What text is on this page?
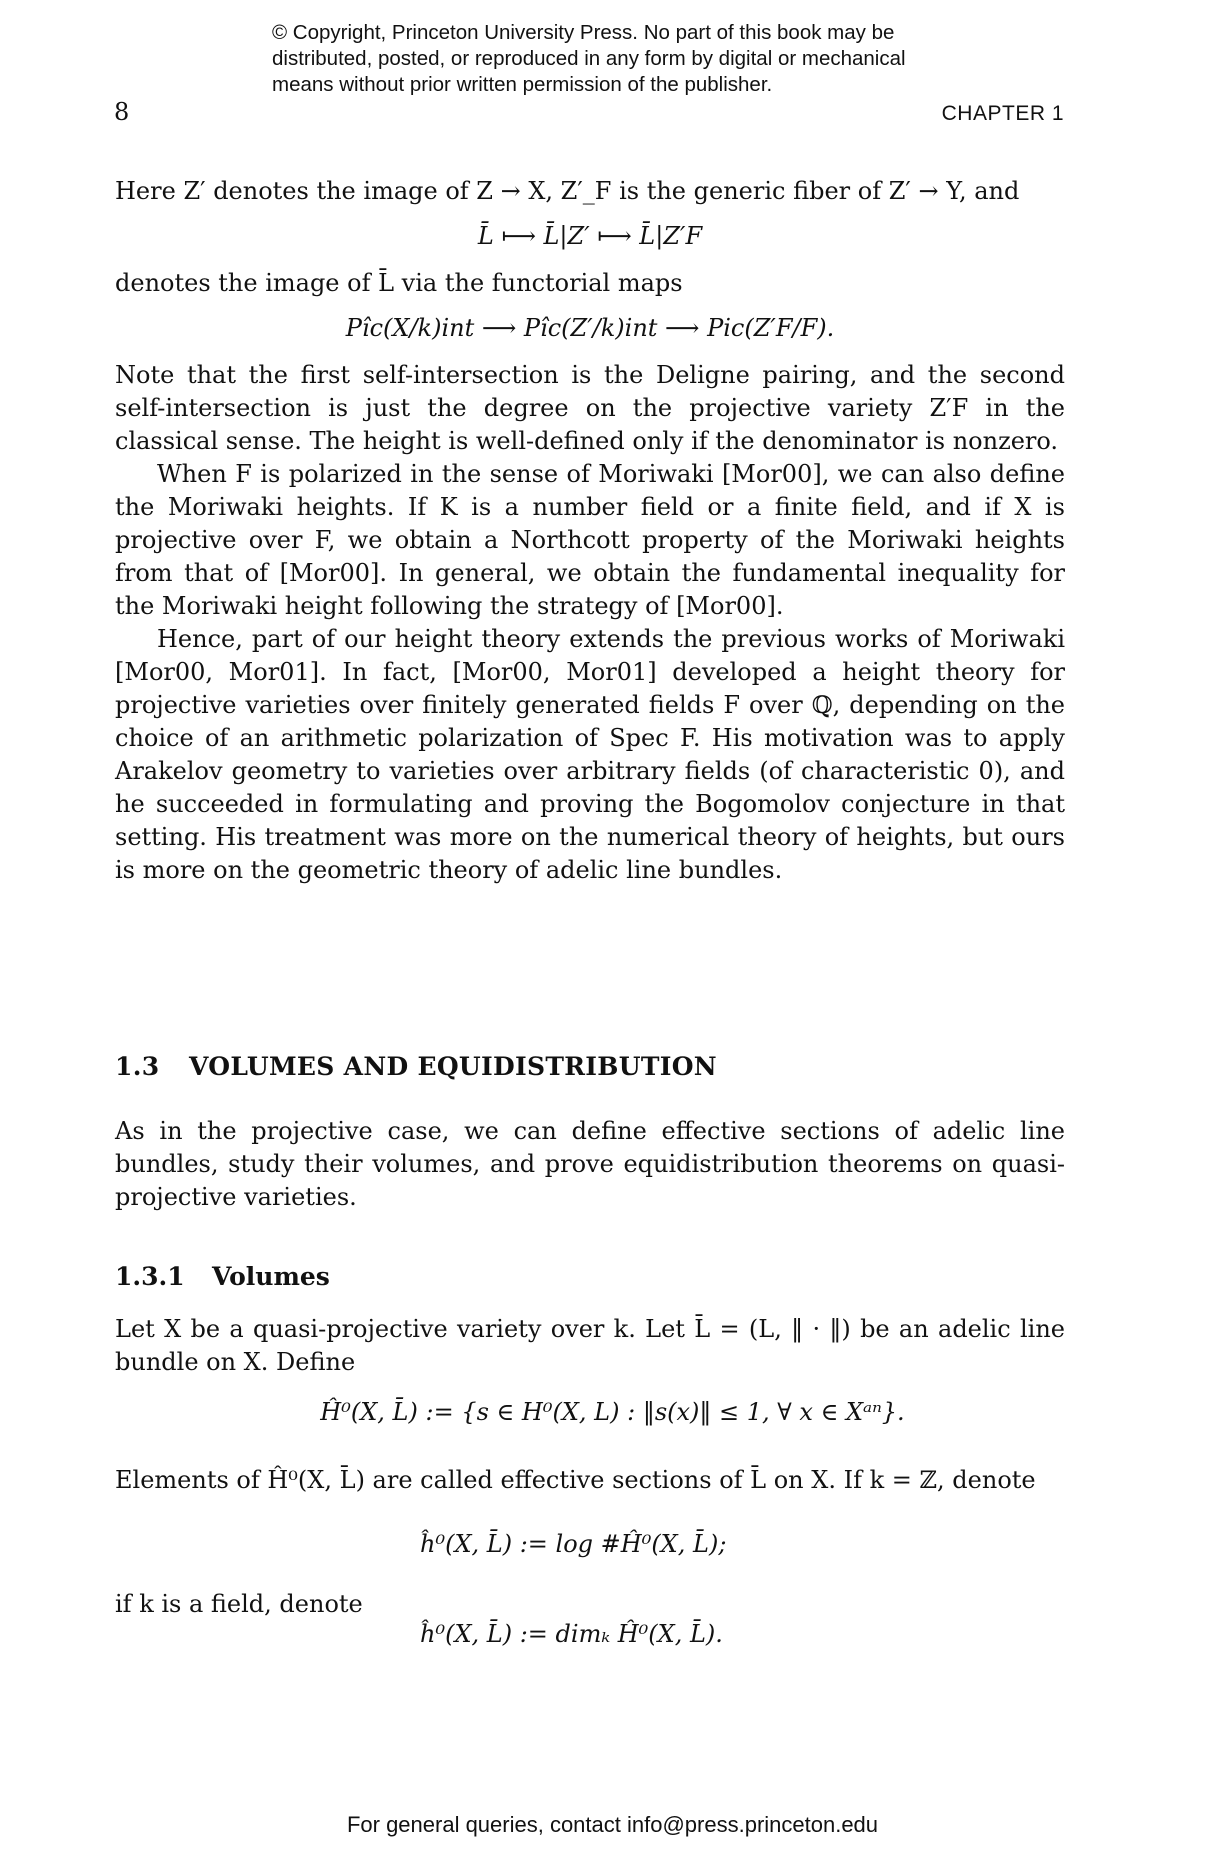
© Copyright, Princeton University Press. No part of this book may be
distributed, posted, or reproduced in any form by digital or mechanical
means without prior written permission of the publisher.
8	CHAPTER 1

Here Z′ denotes the image of Z → X, Z′_F is the generic fiber of Z′ → Y, and

L̄ ⟼ L̄|Z′ ⟼ L̄|Z′F

denotes the image of L̄ via the functorial maps

Pîc(X/k)int ⟶ Pîc(Z′/k)int ⟶ Pic(Z′F/F).

Note that the first self-intersection is the Deligne pairing, and the second self-intersection is just the degree on the projective variety Z′F in the classical sense. The height is well-defined only if the denominator is nonzero.

When F is polarized in the sense of Moriwaki [Mor00], we can also define the Moriwaki heights. If K is a number field or a finite field, and if X is projective over F, we obtain a Northcott property of the Moriwaki heights from that of [Mor00]. In general, we obtain the fundamental inequality for the Moriwaki height following the strategy of [Mor00].

Hence, part of our height theory extends the previous works of Moriwaki [Mor00, Mor01]. In fact, [Mor00, Mor01] developed a height theory for projective varieties over finitely generated fields F over ℚ, depending on the choice of an arithmetic polarization of Spec F. His motivation was to apply Arakelov geometry to varieties over arbitrary fields (of characteristic 0), and he succeeded in formulating and proving the Bogomolov conjecture in that setting. His treatment was more on the numerical theory of heights, but ours is more on the geometric theory of adelic line bundles.

1.3 VOLUMES AND EQUIDISTRIBUTION

As in the projective case, we can define effective sections of adelic line bundles, study their volumes, and prove equidistribution theorems on quasi-projective varieties.

1.3.1 Volumes

Let X be a quasi-projective variety over k. Let L̄ = (L, ‖ · ‖) be an adelic line bundle on X. Define

Ĥ⁰(X, L̄) := {s ∈ H⁰(X, L) : ‖s(x)‖ ≤ 1, ∀ x ∈ Xᵃⁿ}.
Elements of Ĥ⁰(X, L̄) are called effective sections of L̄ on X. If k = ℤ, denote
ĥ⁰(X, L̄) := log #Ĥ⁰(X, L̄);
if k is a field, denote
ĥ⁰(X, L̄) := dimₖ Ĥ⁰(X, L̄).
For general queries, contact info@press.princeton.edu
